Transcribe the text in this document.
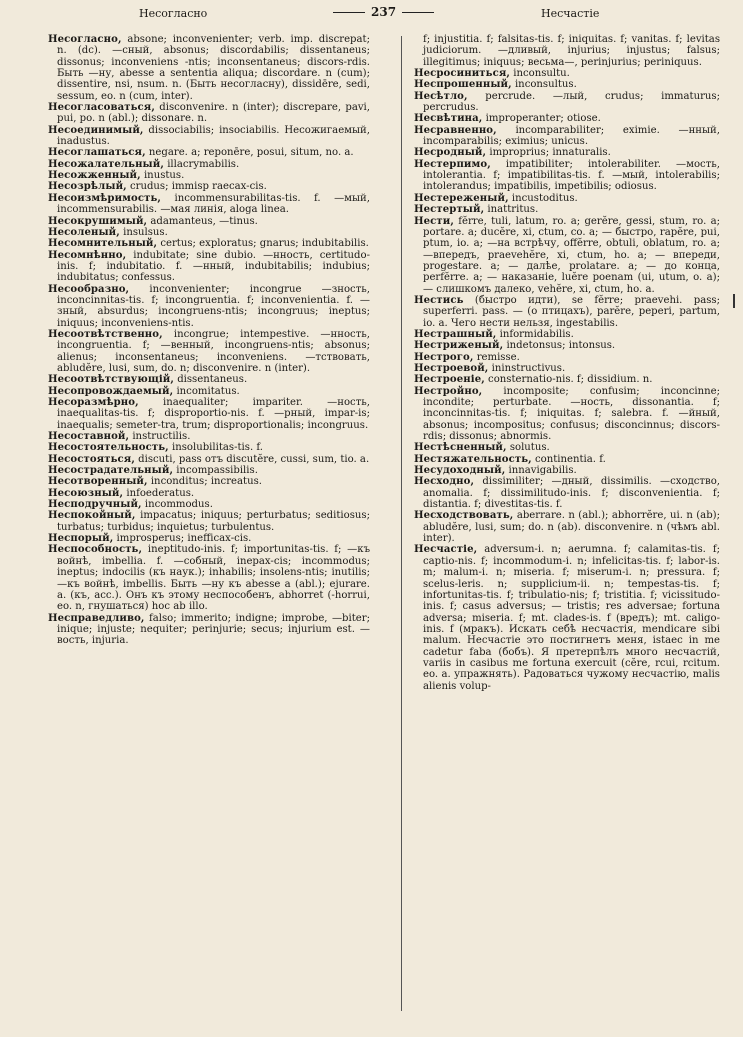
Несогласно	237	Несчастіе

Несогласно, absone; inconvenienter; verb. imp. discrepat; n. (dc). —сный, absonus; discordabilis; dissentaneus; dissonus; inconveniens -ntis; inconsentaneus; discors-rdis. Быть —ну, abesse a sententia aliqua; discordare. n (cum); dissentire, nsi, nsum. n. (Быть несогласну), dissidēre, sedi, sessum, eo. n (cum, inter).

Несогласоваться, disconvenire. n (inter); discrepare, pavi, pui, po. n (abl.); dissonare. n.

Несоединимый, dissociabilis; insociabilis. Несожигаемый, inadustus.

Несоглашаться, negare. a; reponēre, posui, situm, no. a.

Несожалательный, illacrymabilis.

Несожженный, inustus.

Несозрѣлый, crudus; immisp raecax-cis.

Несоизмѣримость, incommensurabilitas-tis. f. —мый, incommensurabilis. —мая линія, aloga linea.

Несокрушимый, adamanteus, —tinus.

Несоленый, insulsus.

Несомнительный, certus; exploratus; gnarus; indubitabilis.

Несомнѣнно, indubitate; sine dubio. —нность, certitudo-inis. f; indubitatio. f. —нный, indubitabilis; indubius; indubitatus; confessus.

Несообразно, inconvenienter; incongrue —зность, inconcinnitas-tis. f; incongruentia. f; inconvenientia. f. —зный, absurdus; incongruens-ntis; incongruus; ineptus; iniquus; inconveniens-ntis.

Несоотвѣтственно, incongrue; intempestive. —нность, incongruentia. f; —венный, incongruens-ntis; absonus; alienus; inconsentaneus; inconveniens. —тствовать, abludĕre, lusi, sum, do. n; disconvenire. n (inter).

Несоотвѣтствующій, dissentaneus.

Несопровождаемый, incomitatus.

Несоразмѣрно, inaequaliter; impariter. —ность, inaequalitas-tis. f; disproportio-nis. f. —рный, impar-is; inaequalis; semeter-tra, trum; disproportionalis; incongruus.

Несоставной, instructilis.

Несостоятельность, insolubilitas-tis. f.

Несостояться, discuti, pass отъ discutĕre, cussi, sum, tio. a.

Несострадательный, incompassibilis.

Несотворенный, inconditus; increatus.

Несоюзный, infoederatus.

Несподручный, incommodus.

Неспокойный, impacatus; iniquus; perturbatus; seditiosus; turbatus; turbidus; inquietus; turbulentus.

Неспорый, improsperus; inefficax-cis.

Неспособность, ineptitudo-inis. f; importunitas-tis. f; —къ войнѣ, imbellia. f. —собный, inepax-cis; incommodus; ineptus; indocilis (къ наук.); inhabilis; insolens-ntis; inutilis; —къ войнѣ, imbellis. Быть —ну къ abesse a (abl.); ejurare. a. (къ, acc.). Онъ къ этому неспособенъ, abhorret (-horrui, eo. n, гнушаться) hoc ab illo.

Несправедливо, falso; immerito; indigne; improbe, —biter; inique; injuste; nequiter; perinjurie; secus; injurium est. —вость, injuria.

f; injustitia. f; falsitas-tis. f; iniquitas. f; vanitas. f; levitas judiciorum. —дливый, injurius; injustus; falsus; illegitimus; iniquus; весьма—, perinjurius; periniquus.

Несросиниться, inconsultu.

Неспрошенный, inconsultus.

Несѣтло, percrude. —лый, crudus; immaturus; percrudus.

Несвѣтина, improperanter; otiose.

Несравненно, incomparabiliter; eximie. —нный, incomparabilis; eximius; unicus.

Несродный, improprius; innaturalis.

Нестерпимо, impatibiliter; intolerabiliter. —мость, intolerantia. f; impatibilitas-tis. f. —мый, intolerabilis; intolerandus; impatibilis, impetibilis; odiosus.

Нестереженый, incustoditus.

Нестертый, inattritus.

Нести, fĕrre, tuli, latum, ro. a; gerĕre, gessi, stum, ro. a; portare. a; ducĕre, xi, ctum, co. a; — быстро, rapĕre, pui, ptum, io. a; —на встрѣчу, offĕrre, obtuli, oblatum, ro. a; —впередъ, praevehĕre, xi, ctum, ho. a; — впереди, progestare. a; — далѣе, prolatare. a; — до конца, perfĕrre. a; — наказаніе, luĕre poenam (ui, utum, o. a); — слишкомъ далеко, vehĕre, xi, ctum, ho. a.

Нестись (быстро идти), se fĕrre; praevehi. pass; superferri. pass. — (о птицахъ), parĕre, peperi, partum, io. a. Чего нести нельзя, ingestabilis.

Нестрашный, informidabilis.

Нестриженый, indetonsus; intonsus.

Нестрого, remisse.

Нестроевой, ininstructivus.

Нестроеніе, consternatio-nis. f; dissidium. n.

Нестройно, incomposite; confusim; inconcinne; incondite; perturbate. —ность, dissonantia. f; inconcinnitas-tis. f; iniquitas. f; salebra. f. —йный, absonus; incompositus; confusus; disconcinnus; discors-rdis; dissonus; abnormis.

Нестѣсненный, solutus.

Нестяжательность, continentia. f.

Несудоходный, innavigabilis.

Несходно, dissimiliter; —дный, dissimilis. —сходство, anomalia. f; dissimilitudo-inis. f; disconvenientia. f; distantia. f; divestitas-tis. f.

Несходствовать, aberrare. n (abl.); abhorrĕre, ui. n (ab); abludĕre, lusi, sum; do. n (ab). disconvenire. n (чѣмъ abl. inter).

Несчастіе, adversum-i. n; aerumna. f; calamitas-tis. f; captio-nis. f; incommodum-i. n; infelicitas-tis. f; labor-is. m; malum-i. n; miseria. f; miserum-i. n; pressura. f; scelus-leris. n; supplicium-ii. n; tempestas-tis. f; infortunitas-tis. f; tribulatio-nis; f; tristitia. f; vicissitudo-inis. f; casus adversus; — tristis; res adversae; fortuna adversa; miseria. f; mt. clades-is. f (вредъ); mt. caligo-inis. f (мракъ). Искать себѣ несчастія, mendicare sibi malum. Несчастіе это постигнетъ меня, istaec in me cadetur faba (бобъ). Я претерпѣлъ много несчастій, variis in casibus me fortuna exercuit (cĕre, rcui, rcitum. eo. a. упражнять). Радоваться чужому несчастію, malis alienis volup-
